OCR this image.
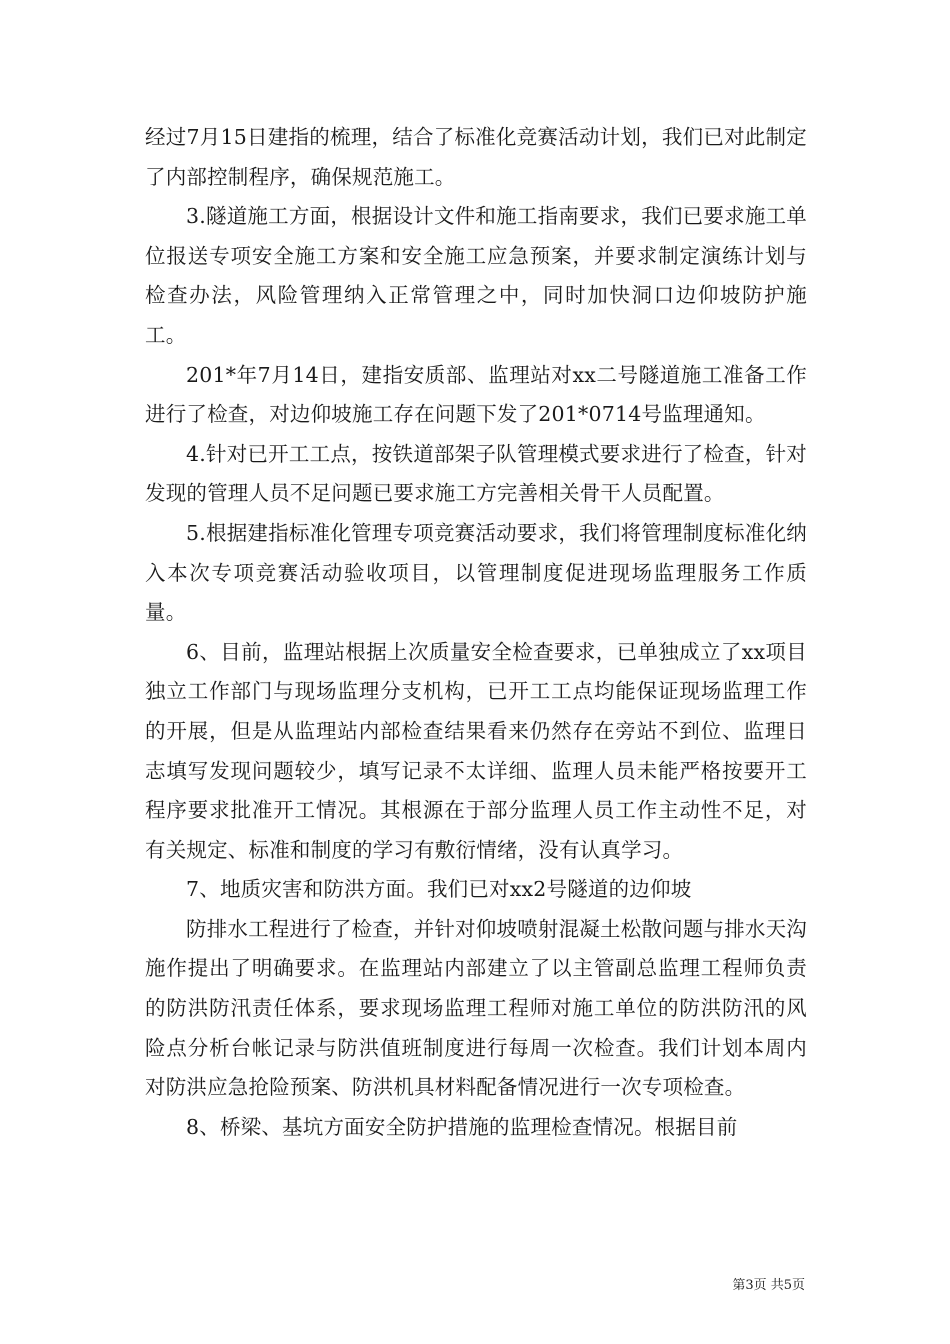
经过7月15日建指的梳理，结合了标准化竞赛活动计划，我们已对此制定了内部控制程序，确保规范施工。

3.隧道施工方面，根据设计文件和施工指南要求，我们已要求施工单位报送专项安全施工方案和安全施工应急预案，并要求制定演练计划与检查办法，风险管理纳入正常管理之中，同时加快洞口边仰坡防护施工。

201*年7月14日，建指安质部、监理站对xx二号隧道施工准备工作进行了检查，对边仰坡施工存在问题下发了201*0714号监理通知。

4.针对已开工工点，按铁道部架子队管理模式要求进行了检查，针对发现的管理人员不足问题已要求施工方完善相关骨干人员配置。

5.根据建指标准化管理专项竞赛活动要求，我们将管理制度标准化纳入本次专项竞赛活动验收项目，以管理制度促进现场监理服务工作质量。

6、目前，监理站根据上次质量安全检查要求，已单独成立了xx项目独立工作部门与现场监理分支机构，已开工工点均能保证现场监理工作的开展，但是从监理站内部检查结果看来仍然存在旁站不到位、监理日志填写发现问题较少，填写记录不太详细、监理人员未能严格按要开工程序要求批准开工情况。其根源在于部分监理人员工作主动性不足，对有关规定、标准和制度的学习有敷衍情绪，没有认真学习。

7、地质灾害和防洪方面。我们已对xx2号隧道的边仰坡

防排水工程进行了检查，并针对仰坡喷射混凝土松散问题与排水天沟施作提出了明确要求。在监理站内部建立了以主管副总监理工程师负责的防洪防汛责任体系，要求现场监理工程师对施工单位的防洪防汛的风险点分析台帐记录与防洪值班制度进行每周一次检查。我们计划本周内对防洪应急抢险预案、防洪机具材料配备情况进行一次专项检查。

8、桥梁、基坑方面安全防护措施的监理检查情况。根据目前

第3页 共5页
